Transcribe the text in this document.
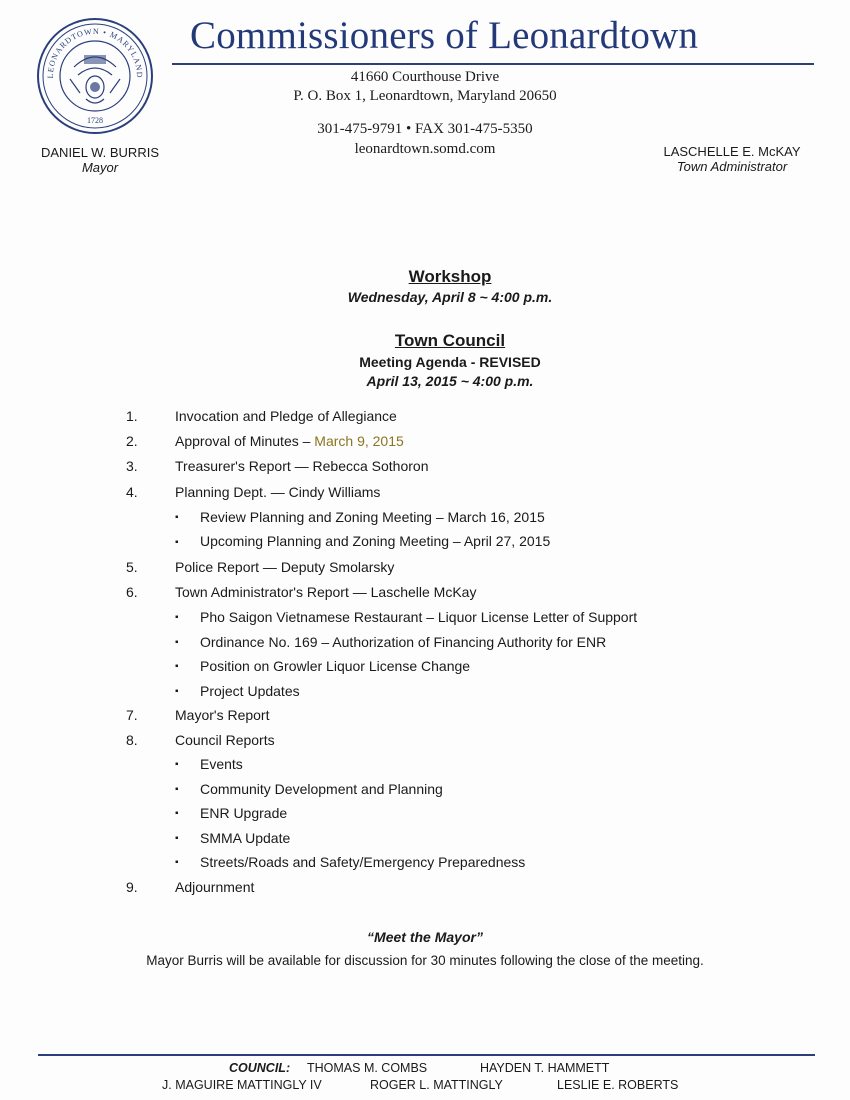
LEONARDTOWN • MARYLAND
1728
Commissioners of Leonardtown
41660 Courthouse Drive
P. O. Box 1, Leonardtown, Maryland 20650
301-475-9791 • FAX 301-475-5350
leonardtown.somd.com
DANIEL W. BURRIS
Mayor
LASCHELLE E. McKAY
Town Administrator
Workshop
Wednesday, April 8 ~ 4:00 p.m.
Town Council
Meeting Agenda - REVISED
April 13, 2015 ~ 4:00 p.m.
1.	Invocation and Pledge of Allegiance
2.	Approval of Minutes – March 9, 2015
3.	Treasurer's Report — Rebecca Sothoron
4.	Planning Dept. — Cindy Williams
▪ Review Planning and Zoning Meeting – March 16, 2015
▪ Upcoming Planning and Zoning Meeting – April 27, 2015
5.	Police Report — Deputy Smolarsky
6.	Town Administrator's Report — Laschelle McKay
▪ Pho Saigon Vietnamese Restaurant – Liquor License Letter of Support
▪ Ordinance No. 169 – Authorization of Financing Authority for ENR
▪ Position on Growler Liquor License Change
▪ Project Updates
7.	Mayor's Report
8.	Council Reports
▪ Events
▪ Community Development and Planning
▪ ENR Upgrade
▪ SMMA Update
▪ Streets/Roads and Safety/Emergency Preparedness
9.	Adjournment
“Meet the Mayor”
Mayor Burris will be available for discussion for 30 minutes following the close of the meeting.
COUNCIL: THOMAS M. COMBS	HAYDEN T. HAMMETT
J. MAGUIRE MATTINGLY IV	ROGER L. MATTINGLY	LESLIE E. ROBERTS
